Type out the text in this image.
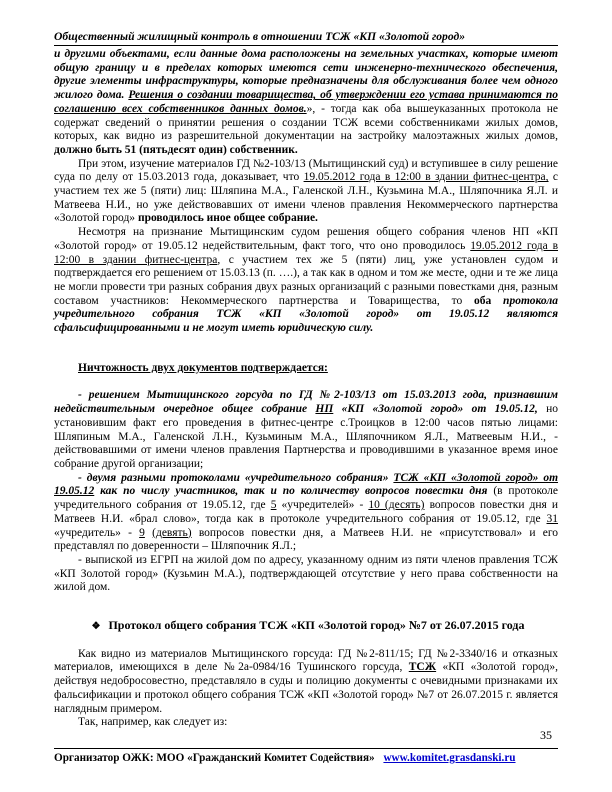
Общественный жилищный контроль в отношении ТСЖ «КП «Золотой город»

и другими объектами, если данные дома расположены на земельных участках, которые имеют общую границу и в пределах которых имеются сети инженерно-технического обеспечения, другие элементы инфраструктуры, которые предназначены для обслуживания более чем одного жилого дома. Решения о создании товарищества, об утверждении его устава принимаются по соглашению всех собственников данных домов.», - тогда как оба вышеуказанных протокола не содержат сведений о принятии решения о создании ТСЖ всеми собственниками жилых домов, которых, как видно из разрешительной документации на застройку малоэтажных жилых домов, должно быть 51 (пятьдесят один) собственник.

При этом, изучение материалов ГД №2-103/13 (Мытищинский суд) и вступившее в силу решение суда по делу от 15.03.2013 года, доказывает, что 19.05.2012 года в 12:00 в здании фитнес-центра, с участием тех же 5 (пяти) лиц: Шляпина М.А., Галенской Л.Н., Кузьмина М.А., Шляпочника Я.Л. и Матвеева Н.И., но уже действовавших от имени членов правления Некоммерческого партнерства «Золотой город» проводилось иное общее собрание.

Несмотря на признание Мытищинским судом решения общего собрания членов НП «КП «Золотой город» от 19.05.12 недействительным, факт того, что оно проводилось 19.05.2012 года в 12:00 в здании фитнес-центра, с участием тех же 5 (пяти) лиц, уже установлен судом и подтверждается его решением от 15.03.13 (п. ….), а так как в одном и том же месте, одни и те же лица не могли провести три разных собрания двух разных организаций с разными повестками дня, разным составом участников: Некоммерческого партнерства и Товарищества, то оба протокола учредительного собрания ТСЖ «КП «Золотой город» от 19.05.12 являются сфальсифицированными и не могут иметь юридическую силу.

Ничтожность двух документов подтверждается:

- решением Мытищинского горсуда по ГД №2-103/13 от 15.03.2013 года, признавшим недействительным очередное общее собрание НП «КП «Золотой город» от 19.05.12, но установившим факт его проведения в фитнес-центре с.Троицков в 12:00 часов пятью лицами: Шляпиным М.А., Галенской Л.Н., Кузьминым М.А., Шляпочником Я.Л., Матвеевым Н.И., - действовавшими от имени членов правления Партнерства и проводившими в указанное время иное собрание другой организации;

- двумя разными протоколами «учредительного собрания» ТСЖ «КП «Золотой город» от 19.05.12 как по числу участников, так и по количеству вопросов повестки дня (в протоколе учредительного собрания от 19.05.12, где 5 «учредителей» - 10 (десять) вопросов повестки дня и Матвеев Н.И. «брал слово», тогда как в протоколе учредительного собрания от 19.05.12, где 31 «учредитель» - 9 (девять) вопросов повестки дня, а Матвеев Н.И. не «присутствовал» и его представлял по доверенности – Шляпочник Я.Л.;

- выпиской из ЕГРП на жилой дом по адресу, указанному одним из пяти членов правления ТСЖ «КП Золотой город» (Кузьмин М.А.), подтверждающей отсутствие у него права собственности на жилой дом.

❖ Протокол общего собрания ТСЖ «КП «Золотой город» №7 от 26.07.2015 года

Как видно из материалов Мытищинского горсуда: ГД №2-811/15; ГД №2-3340/16 и отказных материалов, имеющихся в деле №2а-0984/16 Тушинского горсуда, ТСЖ «КП «Золотой город», действуя недобросовестно, представляло в суды и полицию документы с очевидными признаками их фальсификации и протокол общего собрания ТСЖ «КП «Золотой город» №7 от 26.07.2015 г. является наглядным примером.

Так, например, как следует из:

35
Организатор ОЖК: МОО «Гражданский Комитет Содействия» www.komitet.grasdanski.ru
